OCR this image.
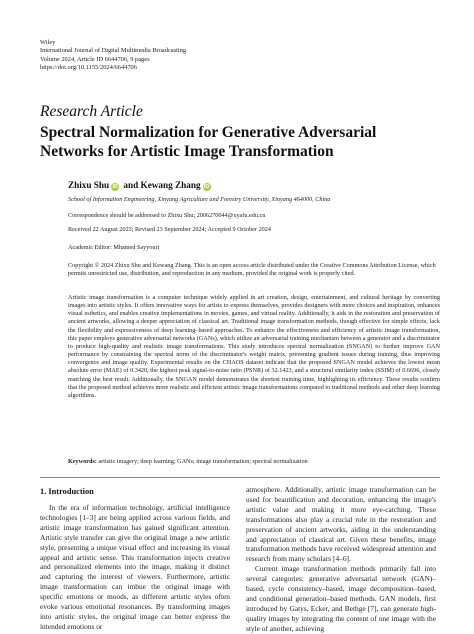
Wiley
International Journal of Digital Multimedia Broadcasting
Volume 2024, Article ID 6644706, 9 pages
https://doi.org/10.1155/2024/6644706
Research Article
Spectral Normalization for Generative Adversarial Networks for Artistic Image Transformation
Zhixu Shu iD and Kewang Zhang iD
School of Information Engineering, Xinyang Agriculture and Forestry University, Xinyang 464000, China
Correspondence should be addressed to Zhixu Shu; 2006270044@xyafu.edu.cn
Received 22 August 2023; Revised 23 September 2024; Accepted 9 October 2024
Academic Editor: Mhamed Sayyouri
Copyright © 2024 Zhixu Shu and Kewang Zhang. This is an open access article distributed under the Creative Commons Attribution License, which permits unrestricted use, distribution, and reproduction in any medium, provided the original work is properly cited.
Artistic image transformation is a computer technique widely applied in art creation, design, entertainment, and cultural heritage by converting images into artistic styles. It offers innovative ways for artists to express themselves, provides designers with more choices and inspiration, enhances visual esthetics, and enables creative implementations in movies, games, and virtual reality. Additionally, it aids in the restoration and preservation of ancient artworks, allowing a deeper appreciation of classical art. Traditional image transformation methods, though effective for simple effects, lack the flexibility and expressiveness of deep learning–based approaches. To enhance the effectiveness and efficiency of artistic image transformation, this paper employs generative adversarial networks (GANs), which utilize an adversarial training mechanism between a generator and a discriminator to produce high-quality and realistic image transformations. This study introduces spectral normalization (SNGAN) to further improve GAN performance by constraining the spectral norm of the discriminator's weight matrix, preventing gradient issues during training, thus improving convergence and image quality. Experimental results on the CHAOS dataset indicate that the proposed SNGAN model achieves the lowest mean absolute error (MAE) of 0.3420, the highest peak signal-to-noise ratio (PSNR) of 32.1423, and a structural similarity index (SSIM) of 0.6696, closely matching the best result. Additionally, the SNGAN model demonstrates the shortest training time, highlighting its efficiency. These results confirm that the proposed method achieves more realistic and efficient artistic image transformations compared to traditional methods and other deep learning algorithms.
Keywords: artistic imagery; deep learning; GANs; image transformation; spectral normalization
1. Introduction
In the era of information technology, artificial intelligence technologies [1–3] are being applied across various fields, and artistic image transformation has gained significant attention. Artistic style transfer can give the original image a new artistic style, presenting a unique visual effect and increasing its visual appeal and artistic sense. This transformation injects creative and personalized elements into the image, making it distinct and capturing the interest of viewers. Furthermore, artistic image transformation can imbue the original image with specific emotions or moods, as different artistic styles often evoke various emotional resonances. By transforming images into artistic styles, the original image can better express the intended emotions or

atmosphere. Additionally, artistic image transformation can be used for beautification and decoration, enhancing the image's artistic value and making it more eye-catching. These transformations also play a crucial role in the restoration and preservation of ancient artworks, aiding in the understanding and appreciation of classical art. Given these benefits, image transformation methods have received widespread attention and research from many scholars [4–6].

Current image transformation methods primarily fall into several categories: generative adversarial network (GAN)–based, cycle consistency–based, image decomposition–based, and conditional generation–based methods. GAN models, first introduced by Gatys, Ecker, and Bethge [7], can generate high-quality images by integrating the content of one image with the style of another, achieving
